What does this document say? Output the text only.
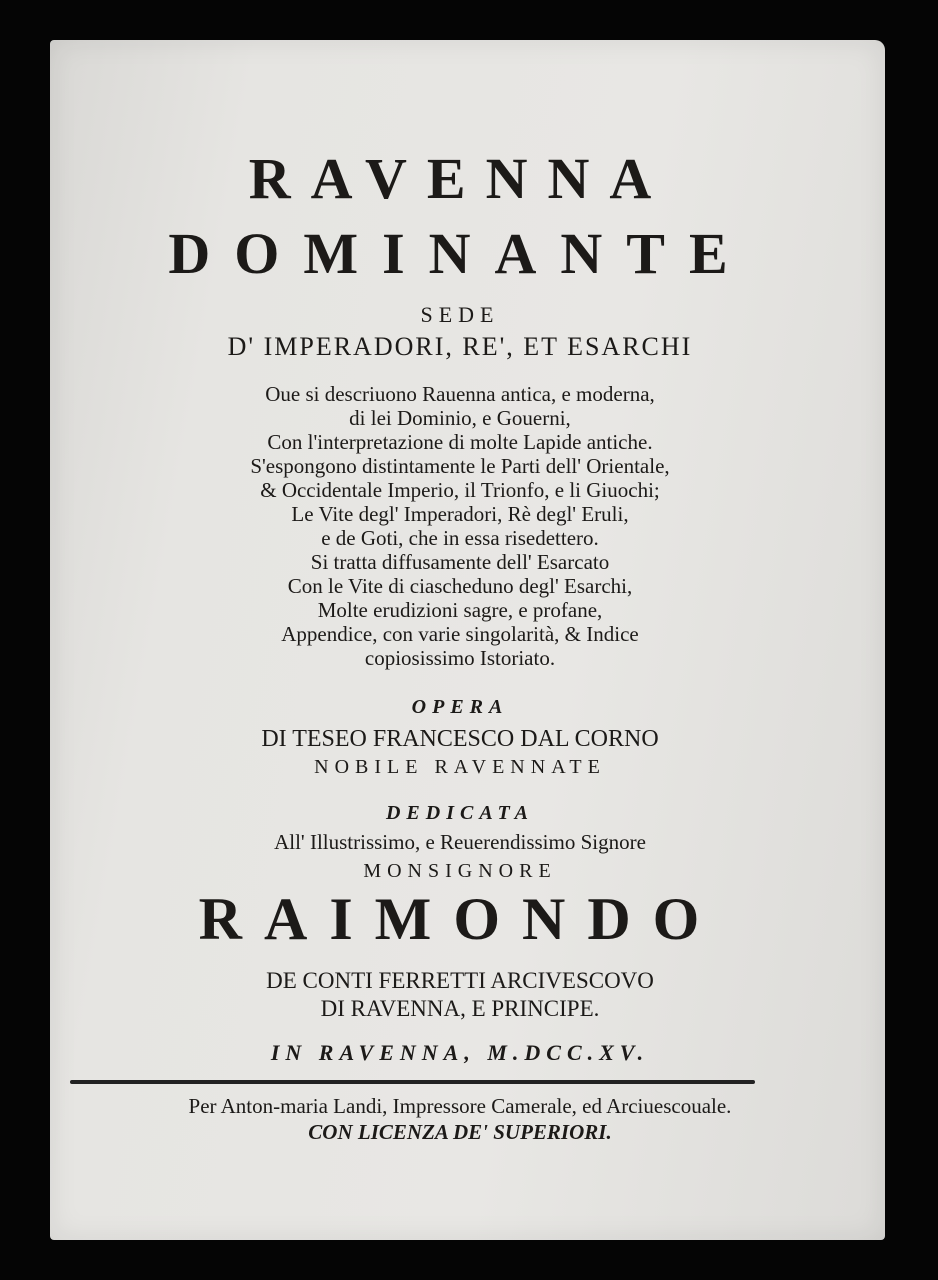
RAVENNA
DOMINANTE
SEDE
D' IMPERADORI, RE', ET ESARCHI
Oue si descriuono Rauenna antica, e moderna,
di lei Dominio, e Gouerni,
Con l'interpretazione di molte Lapide antiche.
S'espongono distintamente le Parti dell' Orientale,
& Occidentale Imperio, il Trionfo, e li Giuochi;
Le Vite degl' Imperadori, Rè degl' Eruli,
e de Goti, che in essa risedettero.
Si tratta diffusamente dell' Esarcato
Con le Vite di ciascheduno degl' Esarchi,
Molte erudizioni sagre, e profane,
Appendice, con varie singolarità, & Indice
copiosissimo Istoriato.
OPERA
DI TESEO FRANCESCO DAL CORNO
NOBILE RAVENNATE
DEDICATA
All' Illustrissimo, e Reuerendissimo Signore
MONSIGNORE
RAIMONDO
DE CONTI FERRETTI ARCIVESCOVO
DI RAVENNA, E PRINCIPE.
IN RAVENNA, M.DCC.XV.
Per Anton-maria Landi, Impressore Camerale, ed Arciuescouale.
CON LICENZA DE' SUPERIORI.
